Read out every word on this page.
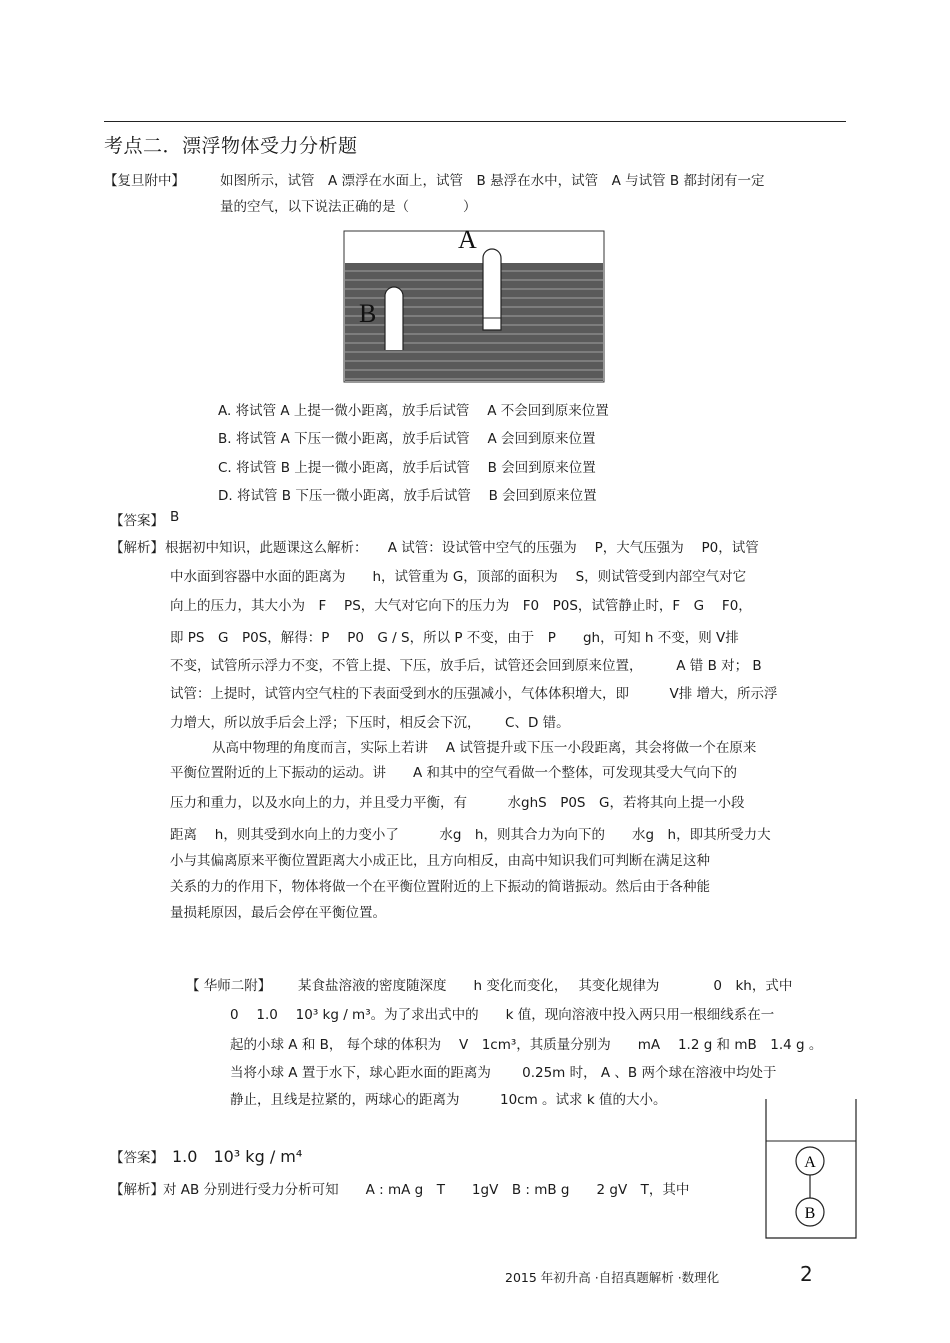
考点二．漂浮物体受力分析题
【复旦附中】	如图所示，试管　A 漂浮在水面上，试管　B 悬浮在水中，试管　A 与试管 B 都封闭有一定
量的空气，以下说法正确的是（　　　　）
A
B
A. 将试管 A 上提一微小距离，放手后试管　 A 不会回到原来位置
B. 将试管 A 下压一微小距离，放手后试管　 A 会回到原来位置
C. 将试管 B 上提一微小距离，放手后试管　 B 会回到原来位置
D. 将试管 B 下压一微小距离，放手后试管　 B 会回到原来位置
【答案】 B
【解析】 根据初中知识，此题课这么解析：　　A 试管：设试管中空气的压强为　 P，大气压强为　 P0，试管
中水面到容器中水面的距离为　　h，试管重为 G，顶部的面积为　 S，则试管受到内部空气对它
向上的压力，其大小为　F　 PS，大气对它向下的压力为　F0　P0S，试管静止时，F　G　 F0，
即 PS　G　P0S，解得：P　 P0　G / S，所以 P 不变，由于　P　　gh，可知 h 不变，则 V排
不变，试管所示浮力不变，不管上提、下压，放手后，试管还会回到原来位置，　　　A 错 B 对； B
试管：上提时，试管内空气柱的下表面受到水的压强减小，气体体积增大，即　　　V排 增大，所示浮
力增大，所以放手后会上浮；下压时，相反会下沉，　　 C、D 错。
从高中物理的角度而言，实际上若讲　 A 试管提升或下压一小段距离，其会将做一个在原来
平衡位置附近的上下振动的运动。讲　　A 和其中的空气看做一个整体，可发现其受大气向下的
压力和重力，以及水向上的力，并且受力平衡，有　　　水ghS　P0S　G，若将其向上提一小段
距离　 h，则其受到水向上的力变小了　　　水g　h，则其合力为向下的　　水g　h，即其所受力大
小与其偏离原来平衡位置距离大小成正比，且方向相反，由高中知识我们可判断在满足这种
关系的力的作用下，物体将做一个在平衡位置附近的上下振动的简谐振动。然后由于各种能
量损耗原因，最后会停在平衡位置。
【 华师二附】 某食盐溶液的密度随深度　　h 变化而变化，　 其变化规律为　　　　0　kh，式中
0　 1.0　 10³ kg / m³。为了求出式中的　　k 值，现向溶液中投入两只用一根细线系在一
起的小球 A 和 B， 每个球的体积为　 V　1cm³，其质量分别为　　mA　 1.2 g 和 mB　1.4 g 。
当将小球 A 置于水下，球心距水面的距离为　　 0.25m 时， A 、B 两个球在溶液中均处于
静止，且线是拉紧的，两球心的距离为　　　10cm 。试求 k 值的大小。
A
B
【答案】 1.0　10³ kg / m⁴
【解析】 对 AB 分别进行受力分析可知　　A : mA g　T　　1gV　B : mB g　　2 gV　T，其中
2015 年初升高 ·自招真题解析 ·数理化	2
